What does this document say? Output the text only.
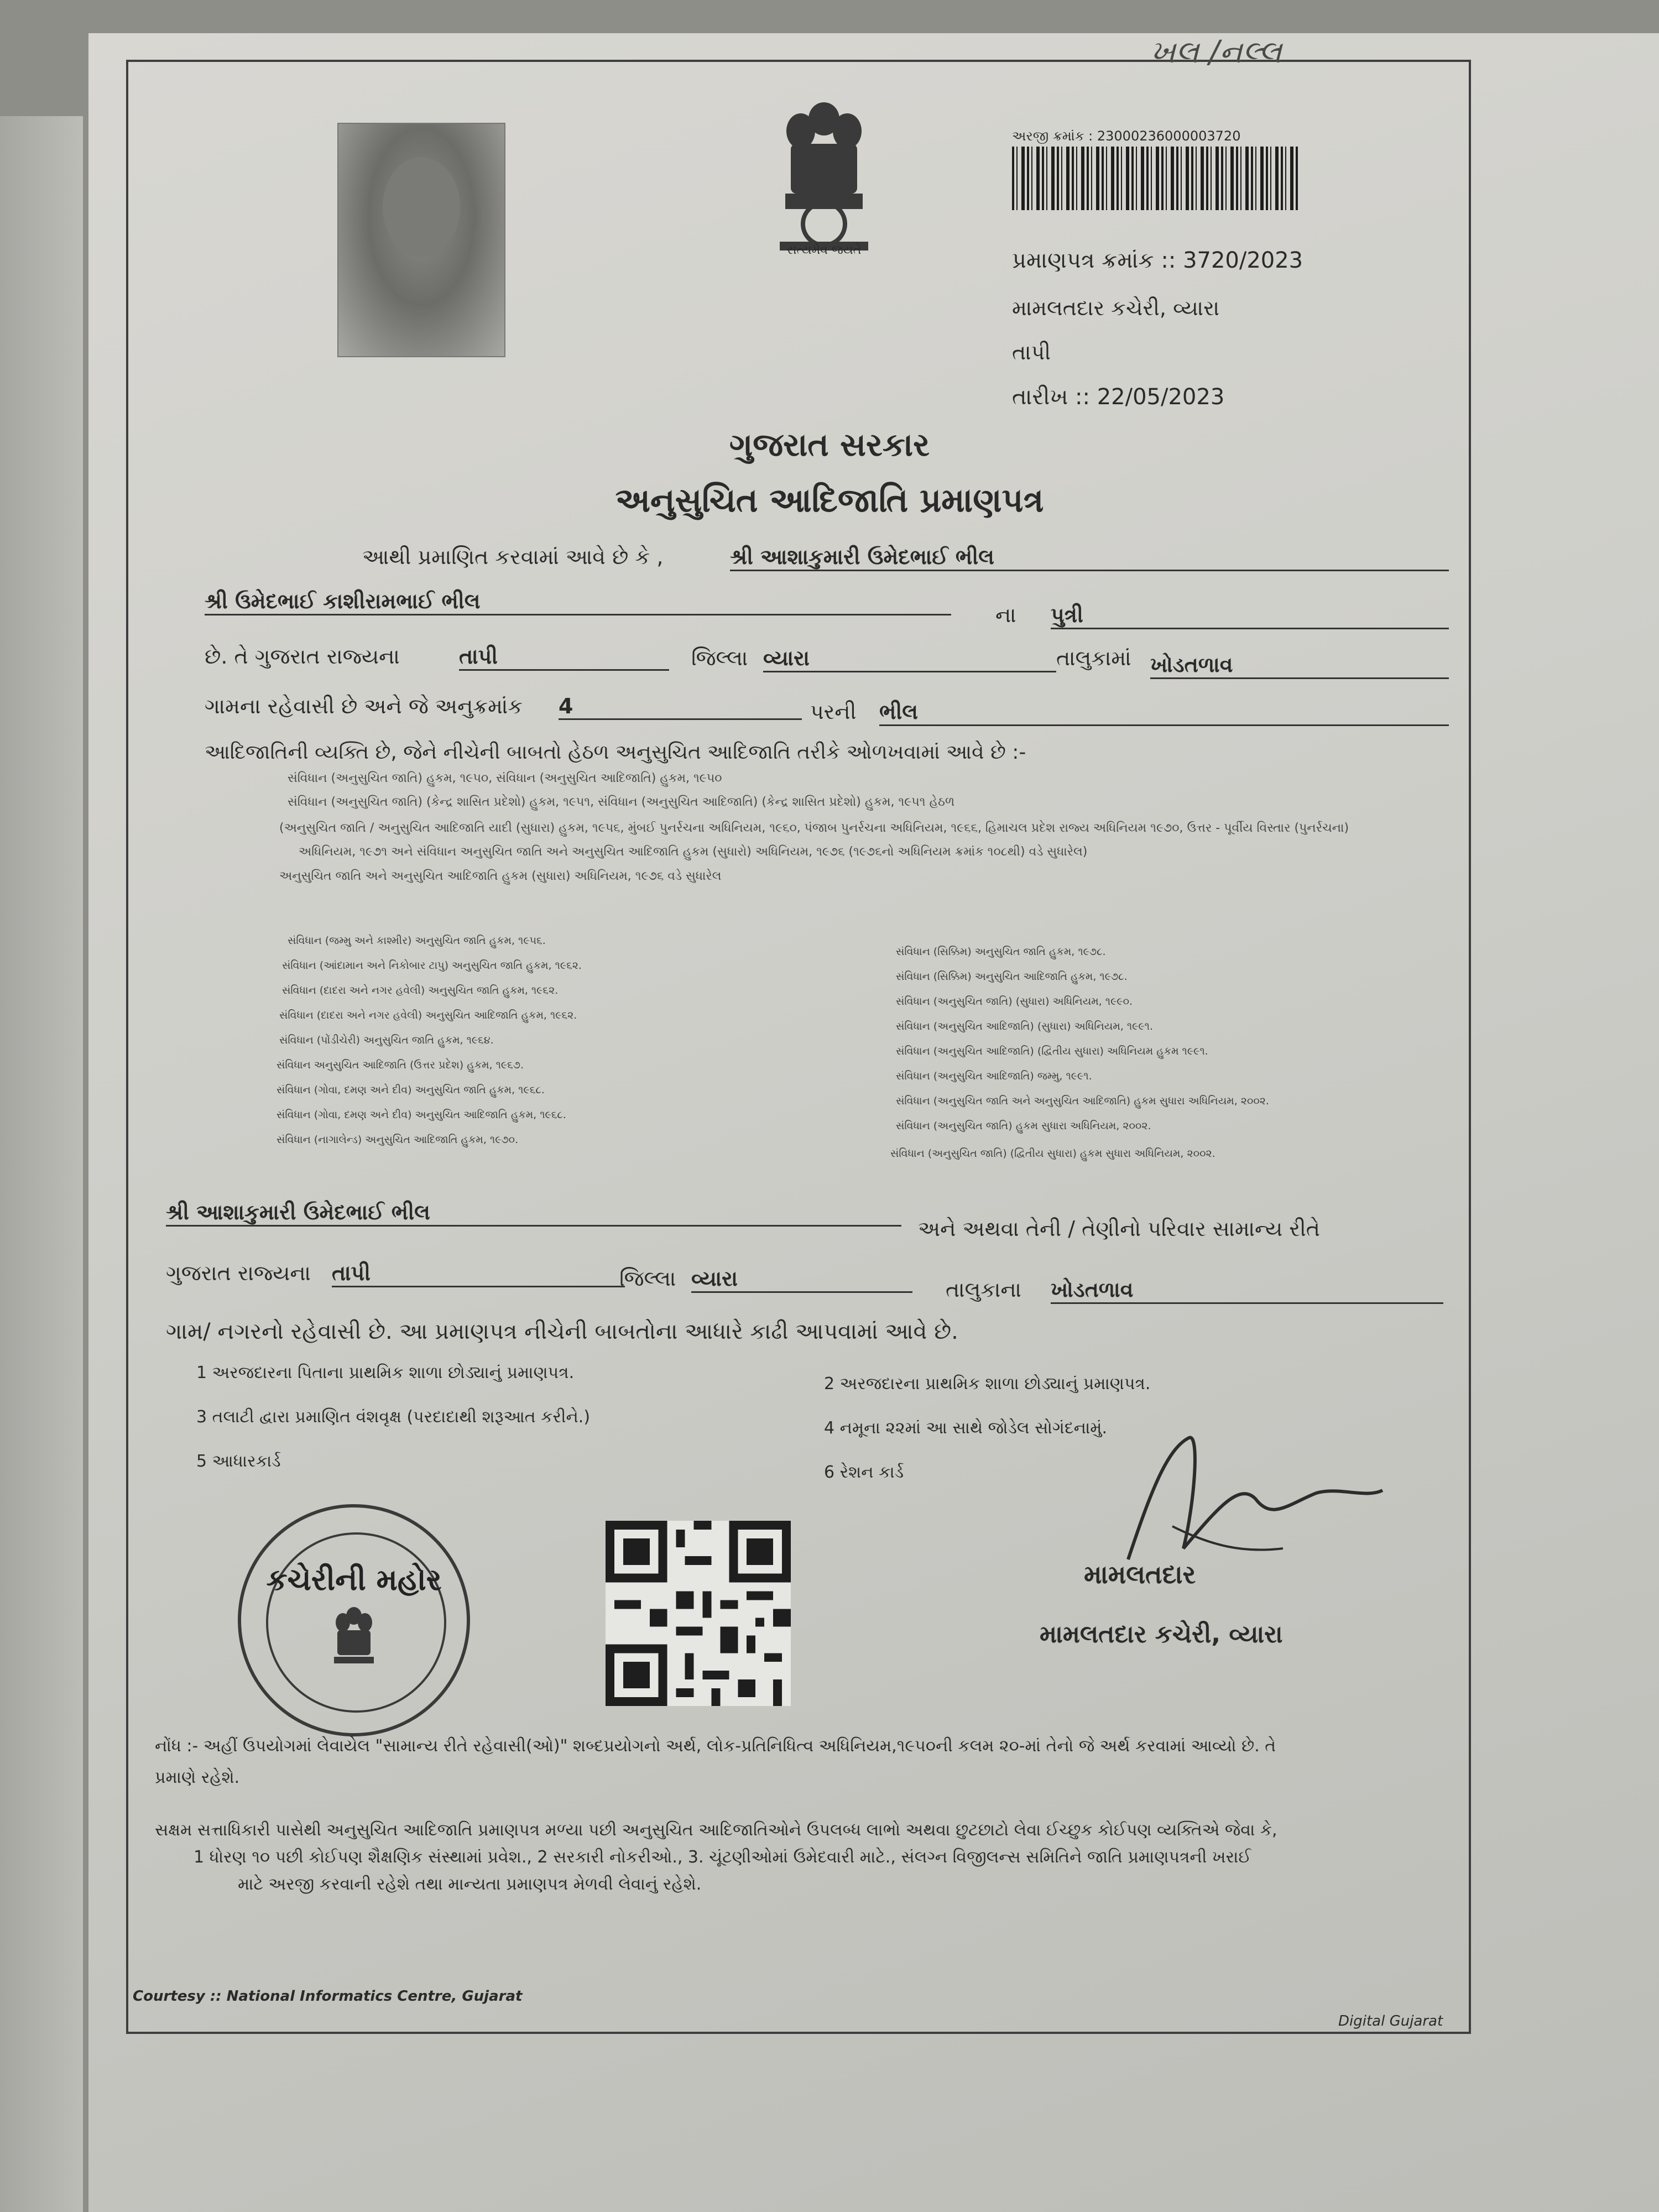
ખલ /નલ્લ
સત્યમેવ જયતે
અરજી ક્રમાંક : 23000236000003720
પ્રમાણપત્ર ક્રમાંક :: 3720/2023
મામલતદાર કચેરી, વ્યારા
તાપી
તારીખ :: 22/05/2023
ગુજરાત સરકાર
અનુસુચિત આદિજાતિ પ્રમાણપત્ર
આથી પ્રમાણિત કરવામાં આવે છે કે ,	શ્રી આશાકુમારી ઉમેદભાઈ ભીલ
શ્રી ઉમેદભાઈ કાશીરામભાઈ ભીલ
ના પુત્રી
છે. તે ગુજરાત રાજ્યના	તાપી	જિલ્લા વ્યારા	તાલુકામાં ખોડતળાવ
ગામના રહેવાસી છે અને જે અનુક્રમાંક 4	પરની ભીલ
આદિજાતિની વ્યક્તિ છે, જેને નીચેની બાબતો હેઠળ અનુસુચિત આદિજાતિ તરીકે ઓળખવામાં આવે છે :-
સંવિધાન (અનુસુચિત જાતિ) હુકમ, ૧૯૫૦, સંવિધાન (અનુસુચિત આદિજાતિ) હુકમ, ૧૯૫૦
સંવિધાન (અનુસુચિત જાતિ) (કેન્દ્ર શાસિત પ્રદેશો) હુકમ, ૧૯૫૧, સંવિધાન (અનુસુચિત આદિજાતિ) (કેન્દ્ર શાસિત પ્રદેશો) હુકમ, ૧૯૫૧ હેઠળ
(અનુસુચિત જાતિ / અનુસુચિત આદિજાતિ યાદી (સુધારા) હુકમ, ૧૯૫૬, મુંબઈ પુનર્રચના અધિનિયમ, ૧૯૬૦, પંજાબ પુનર્રચના અધિનિયમ, ૧૯૬૬, હિમાચલ પ્રદેશ રાજ્ય અધિનિયમ ૧૯૭૦, ઉત્તર - પૂર્વીય વિસ્તાર (પુનર્રચના)
અધિનિયમ, ૧૯૭૧ અને સંવિધાન અનુસુચિત જાતિ અને અનુસુચિત આદિજાતિ હુકમ (સુધારો) અધિનિયમ, ૧૯૭૬ (૧૯૭૬નો અધિનિયમ ક્રમાંક ૧૦૮થી) વડે સુધારેલ)
અનુસુચિત જાતિ અને અનુસુચિત આદિજાતિ હુકમ (સુધારા) અધિનિયમ, ૧૯૭૬ વડે સુધારેલ
સંવિધાન (જમ્મુ અને કાશ્મીર) અનુસુચિત જાતિ હુકમ, ૧૯૫૬.
સંવિધાન (આંદામાન અને નિકોબાર ટાપુ) અનુસુચિત જાતિ હુકમ, ૧૯૬૨.
સંવિધાન (દાદરા અને નગર હવેલી) અનુસુચિત જાતિ હુકમ, ૧૯૬૨.
સંવિધાન (દાદરા અને નગર હવેલી) અનુસુચિત આદિજાતિ હુકમ, ૧૯૬૨.
સંવિધાન (પોંડીચેરી) અનુસુચિત જાતિ હુકમ, ૧૯૬૪.
સંવિધાન અનુસુચિત આદિજાતિ (ઉત્તર પ્રદેશ) હુકમ, ૧૯૬૭.
સંવિધાન (ગોવા, દમણ અને દીવ) અનુસુચિત જાતિ હુકમ, ૧૯૬૮.
સંવિધાન (ગોવા, દમણ અને દીવ) અનુસુચિત આદિજાતિ હુકમ, ૧૯૬૮.
સંવિધાન (નાગાલેન્ડ) અનુસુચિત આદિજાતિ હુકમ, ૧૯૭૦.
સંવિધાન (સિક્કિમ) અનુસુચિત જાતિ હુકમ, ૧૯૭૮.
સંવિધાન (સિક્કિમ) અનુસુચિત આદિજાતિ હુકમ, ૧૯૭૮.
સંવિધાન (અનુસુચિત જાતિ) (સુધારા) અધિનિયમ, ૧૯૯૦.
સંવિધાન (અનુસુચિત આદિજાતિ) (સુધારા) અધિનિયમ, ૧૯૯૧.
સંવિધાન (અનુસુચિત આદિજાતિ) (દ્વિતીય સુધારા) અધિનિયમ હુકમ ૧૯૯૧.
સંવિધાન (અનુસુચિત આદિજાતિ) જમ્મુ, ૧૯૯૧.
સંવિધાન (અનુસુચિત જાતિ અને અનુસુચિત આદિજાતિ) હુકમ સુધારા અધિનિયમ, ૨૦૦૨.
સંવિધાન (અનુસુચિત જાતિ) હુકમ સુધારા અધિનિયમ, ૨૦૦૨.
સંવિધાન (અનુસુચિત જાતિ) (દ્વિતીય સુધારા) હુકમ સુધારા અધિનિયમ, ૨૦૦૨.
શ્રી આશાકુમારી ઉમેદભાઈ ભીલ
અને અથવા તેની / તેણીનો પરિવાર સામાન્ય રીતે
ગુજરાત રાજ્યના તાપી	જિલ્લા વ્યારા	તાલુકાના ખોડતળાવ
ગામ/ નગરનો રહેવાસી છે. આ પ્રમાણપત્ર નીચેની બાબતોના આધારે કાઢી આપવામાં આવે છે.
1 અરજદારના પિતાના પ્રાથમિક શાળા છોડ્યાનું પ્રમાણપત્ર.
2 અરજદારના પ્રાથમિક શાળા છોડ્યાનું પ્રમાણપત્ર.
3 તલાટી દ્વારા પ્રમાણિત વંશવૃક્ષ (પરદાદાથી શરૂઆત કરીને.)
4 નમૂના ૨૨માં આ સાથે જોડેલ સોગંદનામું.
5 આધારકાર્ડ
6 રેશન કાર્ડ
કચેરીની મહોર	મામલતદાર
મામલતદાર કચેરી, વ્યારા
નોંધ :- અહીં ઉપયોગમાં લેવાયેલ "સામાન્ય રીતે રહેવાસી(ઓ)" શબ્દપ્રયોગનો અર્થ, લોક-પ્રતિનિધિત્વ અધિનિયમ,૧૯૫૦ની કલમ ૨૦-માં તેનો જે અર્થ કરવામાં આવ્યો છે. તે
પ્રમાણે રહેશે.
સક્ષમ સત્તાધિકારી પાસેથી અનુસુચિત આદિજાતિ પ્રમાણપત્ર મળ્યા પછી અનુસુચિત આદિજાતિઓને ઉપલબ્ધ લાભો અથવા છુટછાટો લેવા ઈચ્છુક કોઈપણ વ્યક્તિએ જેવા કે,
1 ધોરણ ૧૦ પછી કોઈપણ શૈક્ષણિક સંસ્થામાં પ્રવેશ., 2 સરકારી નોકરીઓ., 3. ચૂંટણીઓમાં ઉમેદવારી માટે., સંલગ્ન વિજીલન્સ સમિતિને જાતિ પ્રમાણપત્રની ખરાઈ
માટે અરજી કરવાની રહેશે તથા માન્યતા પ્રમાણપત્ર મેળવી લેવાનું રહેશે.
Courtesy :: National Informatics Centre, Gujarat
Digital Gujarat
